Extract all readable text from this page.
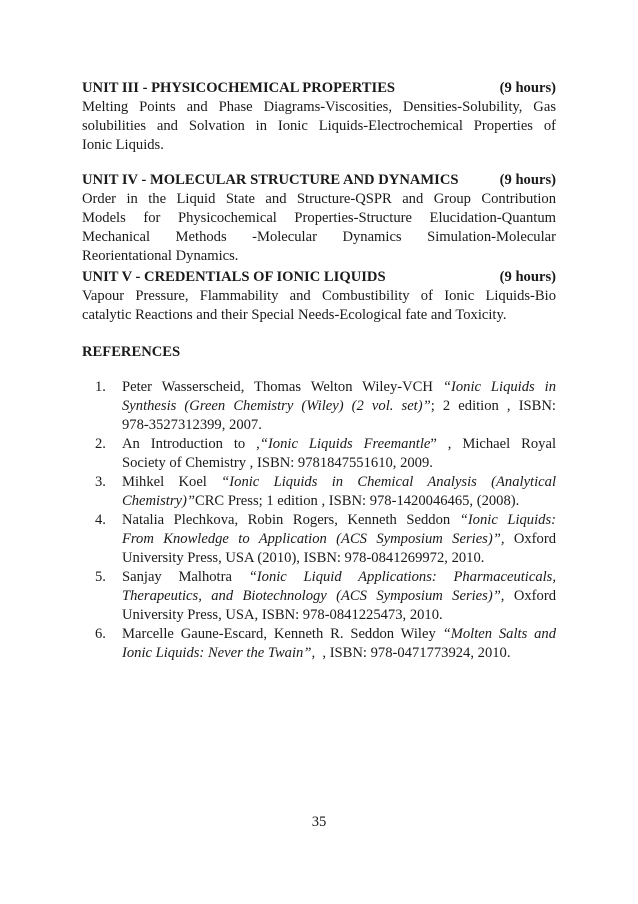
UNIT III - PHYSICOCHEMICAL PROPERTIES	(9 hours)
Melting Points and Phase Diagrams-Viscosities, Densities-Solubility, Gas
solubilities and Solvation in Ionic Liquids-Electrochemical Properties of
Ionic Liquids.
UNIT IV - MOLECULAR STRUCTURE AND DYNAMICS	(9 hours)
Order in the Liquid State and Structure-QSPR and Group Contribution
Models for Physicochemical Properties-Structure Elucidation-Quantum
Mechanical Methods -Molecular Dynamics Simulation-Molecular
Reorientational Dynamics.
UNIT V - CREDENTIALS OF IONIC LIQUIDS	(9 hours)
Vapour Pressure, Flammability and Combustibility of Ionic Liquids-Bio
catalytic Reactions and their Special Needs-Ecological fate and Toxicity.
REFERENCES
1.	Peter Wasserscheid, Thomas Welton Wiley-VCH “Ionic Liquids in
Synthesis (Green Chemistry (Wiley) (2 vol. set)”; 2 edition , ISBN:
978-3527312399, 2007.
2.	An Introduction to ,“Ionic Liquids Freemantle” , Michael Royal
Society of Chemistry , ISBN: 9781847551610, 2009.
3.	Mihkel Koel “Ionic Liquids in Chemical Analysis (Analytical
Chemistry)”CRC Press; 1 edition , ISBN: 978-1420046465, (2008).
4.	Natalia Plechkova, Robin Rogers, Kenneth Seddon “Ionic Liquids:
From Knowledge to Application (ACS Symposium Series)”, Oxford
University Press, USA (2010), ISBN: 978-0841269972, 2010.
5.	Sanjay Malhotra “Ionic Liquid Applications: Pharmaceuticals,
Therapeutics, and Biotechnology (ACS Symposium Series)”, Oxford
University Press, USA, ISBN: 978-0841225473, 2010.
6.	Marcelle Gaune-Escard, Kenneth R. Seddon Wiley “Molten Salts and
Ionic Liquids: Never the Twain”,  , ISBN: 978-0471773924, 2010.
35
